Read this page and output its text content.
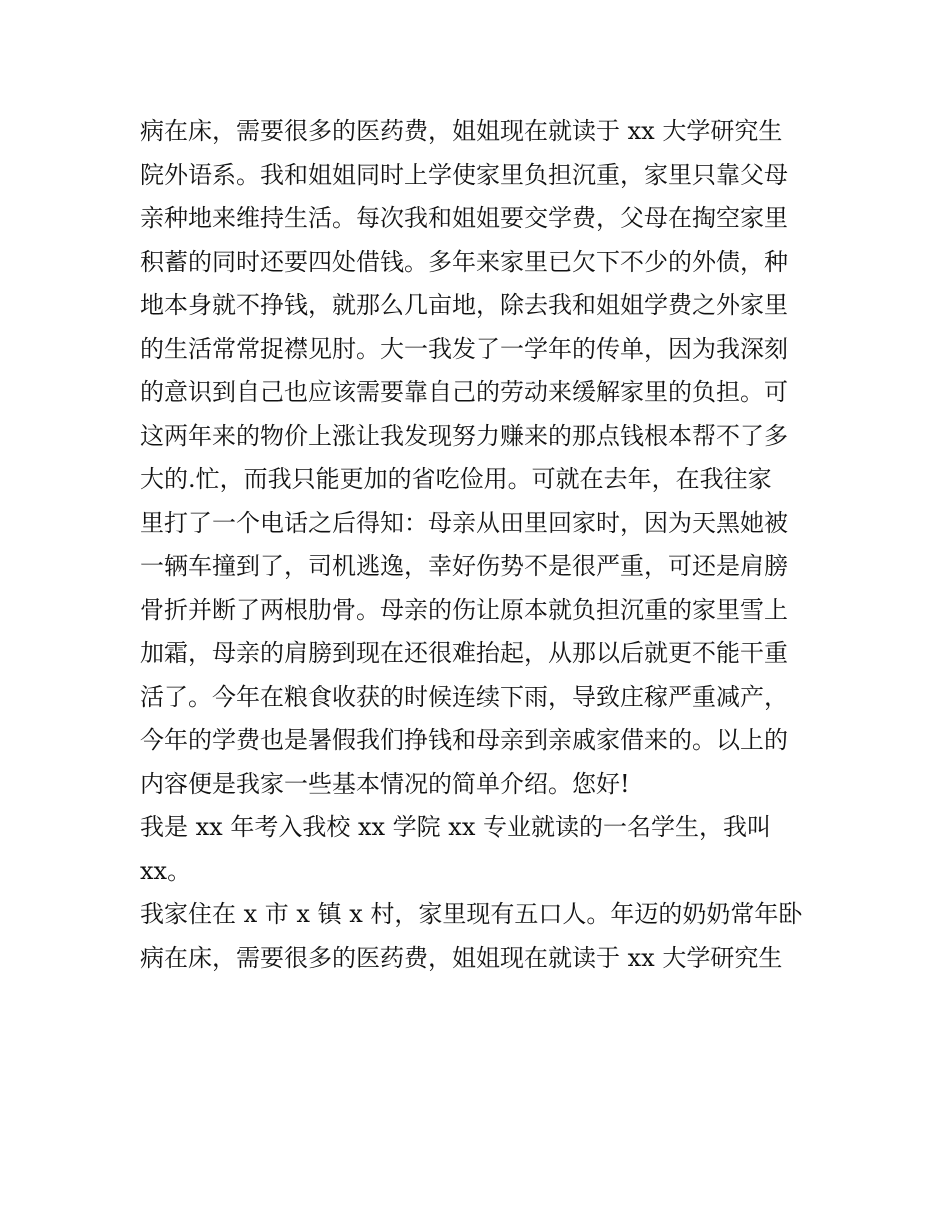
病在床，需要很多的医药费，姐姐现在就读于 xx 大学研究生
院外语系。我和姐姐同时上学使家里负担沉重，家里只靠父母
亲种地来维持生活。每次我和姐姐要交学费，父母在掏空家里
积蓄的同时还要四处借钱。多年来家里已欠下不少的外债，种
地本身就不挣钱，就那么几亩地，除去我和姐姐学费之外家里
的生活常常捉襟见肘。大一我发了一学年的传单，因为我深刻
的意识到自己也应该需要靠自己的劳动来缓解家里的负担。可
这两年来的物价上涨让我发现努力赚来的那点钱根本帮不了多
大的.忙，而我只能更加的省吃俭用。可就在去年，在我往家
里打了一个电话之后得知：母亲从田里回家时，因为天黑她被
一辆车撞到了，司机逃逸，幸好伤势不是很严重，可还是肩膀
骨折并断了两根肋骨。母亲的伤让原本就负担沉重的家里雪上
加霜，母亲的肩膀到现在还很难抬起，从那以后就更不能干重
活了。今年在粮食收获的时候连续下雨，导致庄稼严重减产，
今年的学费也是暑假我们挣钱和母亲到亲戚家借来的。以上的
内容便是我家一些基本情况的简单介绍。您好!
我是 xx 年考入我校 xx 学院 xx 专业就读的一名学生，我叫
xx。
我家住在 x 市 x 镇 x 村，家里现有五口人。年迈的奶奶常年卧
病在床，需要很多的医药费，姐姐现在就读于 xx 大学研究生
